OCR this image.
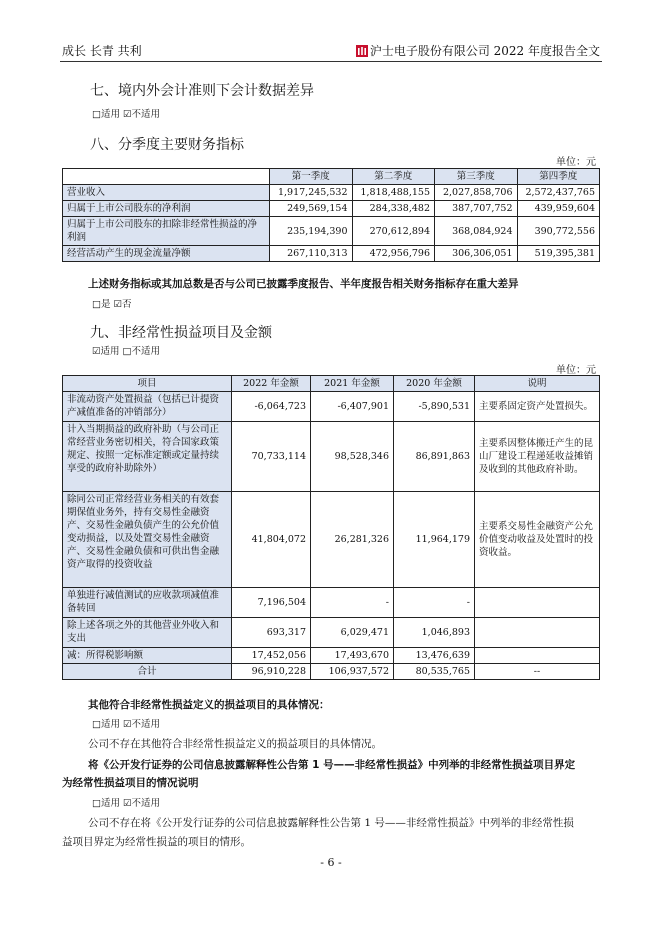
成长 长青 共利	沪士电子股份有限公司 2022 年度报告全文
七、境内外会计准则下会计数据差异
□适用 ☑不适用
八、分季度主要财务指标
单位：元
	第一季度	第二季度	第三季度	第四季度
营业收入	1,917,245,532	1,818,488,155	2,027,858,706	2,572,437,765
归属于上市公司股东的净利润	249,569,154	284,338,482	387,707,752	439,959,604
归属于上市公司股东的扣除非经常性损益的净利润	235,194,390	270,612,894	368,084,924	390,772,556
经营活动产生的现金流量净额	267,110,313	472,956,796	306,306,051	519,395,381
上述财务指标或其加总数是否与公司已披露季度报告、半年度报告相关财务指标存在重大差异
□是 ☑否
九、非经常性损益项目及金额
☑适用 □不适用
单位：元
项目	2022 年金额	2021 年金额	2020 年金额	说明
非流动资产处置损益（包括已计提资产减值准备的冲销部分）	-6,064,723	-6,407,901	-5,890,531	主要系固定资产处置损失。
计入当期损益的政府补助（与公司正常经营业务密切相关，符合国家政策规定、按照一定标准定额或定量持续享受的政府补助除外）	70,733,114	98,528,346	86,891,863	主要系因整体搬迁产生的昆山厂建设工程递延收益摊销及收到的其他政府补助。
除同公司正常经营业务相关的有效套期保值业务外，持有交易性金融资产、交易性金融负债产生的公允价值变动损益，以及处置交易性金融资产、交易性金融负债和可供出售金融资产取得的投资收益	41,804,072	26,281,326	11,964,179	主要系交易性金融资产公允价值变动收益及处置时的投资收益。
单独进行减值测试的应收款项减值准备转回	7,196,504	-	-	
除上述各项之外的其他营业外收入和支出	693,317	6,029,471	1,046,893	
减：所得税影响额	17,452,056	17,493,670	13,476,639	
合计	96,910,228	106,937,572	80,535,765	--
其他符合非经常性损益定义的损益项目的具体情况：
□适用 ☑不适用
公司不存在其他符合非经常性损益定义的损益项目的具体情况。
将《公开发行证券的公司信息披露解释性公告第 1 号——非经常性损益》中列举的非经常性损益项目界定
为经常性损益项目的情况说明
□适用 ☑不适用
公司不存在将《公开发行证券的公司信息披露解释性公告第 1 号——非经常性损益》中列举的非经常性损
益项目界定为经常性损益的项目的情形。
- 6 -
